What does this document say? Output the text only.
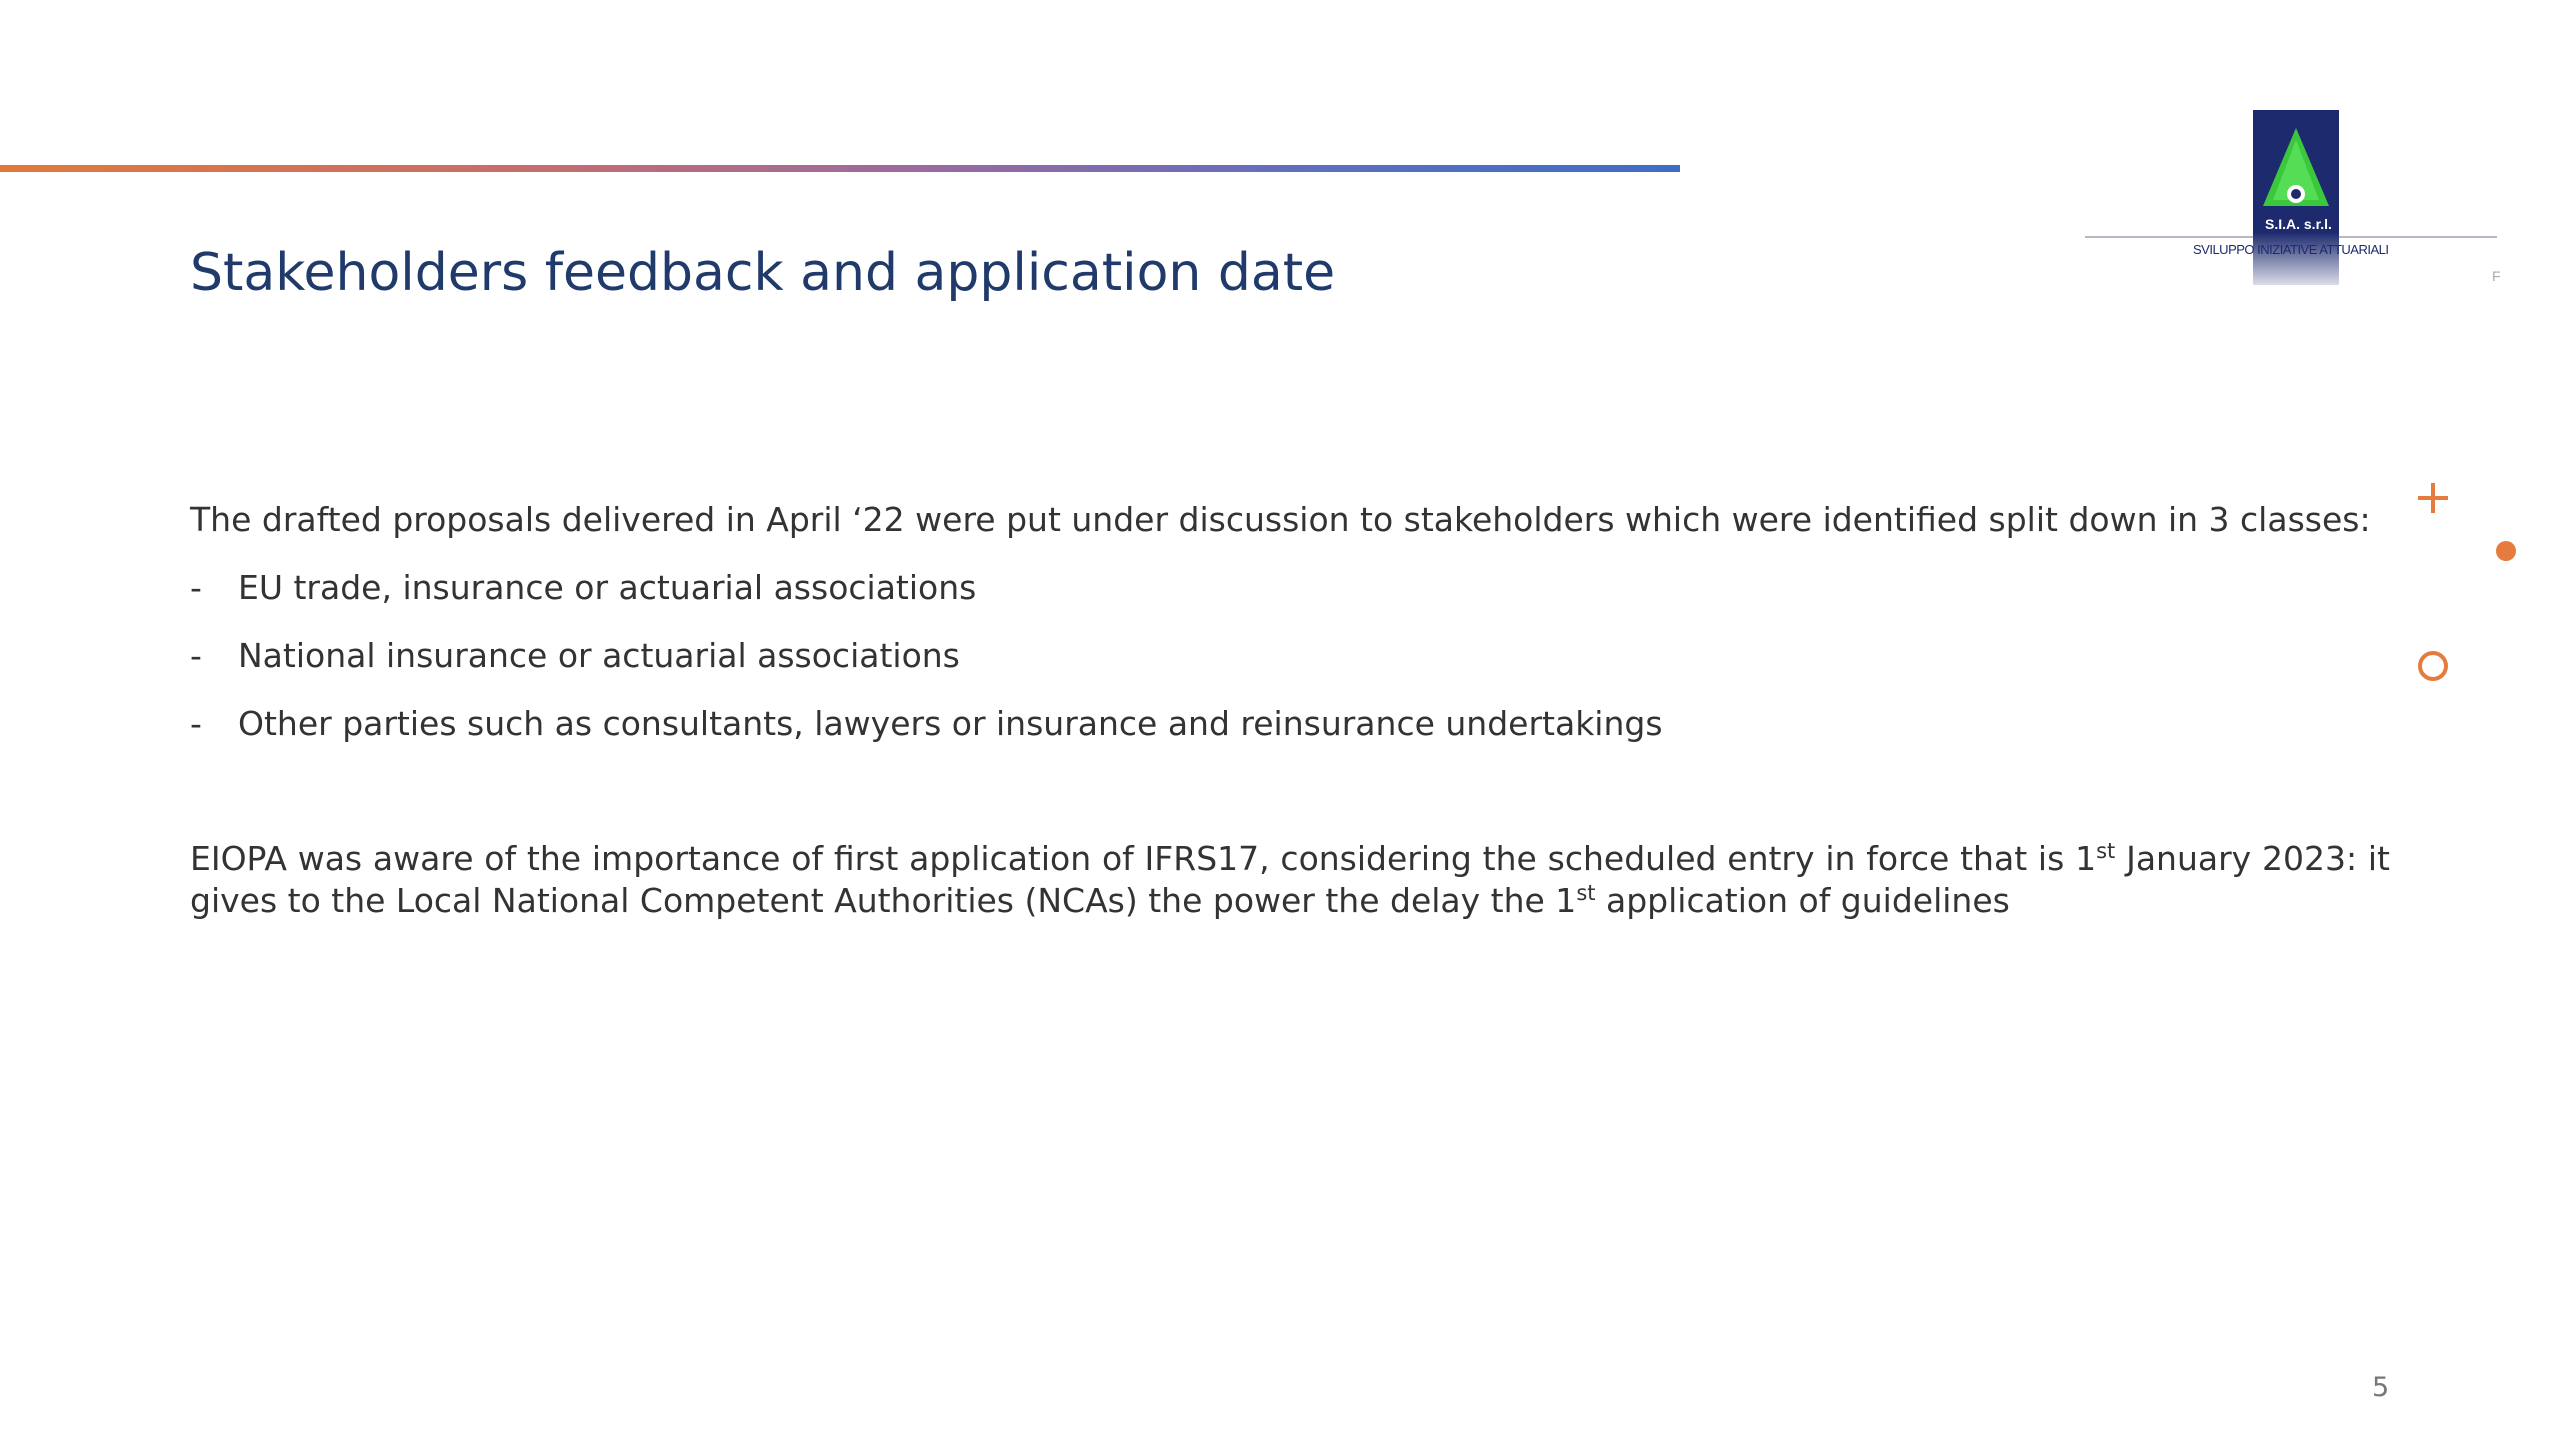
Stakeholders feedback and application date
S.I.A. s.r.l.
SVILUPPO INIZIATIVE ATTUARIALI
F
The drafted proposals delivered in April ‘22 were put under discussion to stakeholders which were identified split down in 3 classes:
- EU trade, insurance or actuarial associations
- National insurance or actuarial associations
- Other parties such as consultants, lawyers or insurance and reinsurance undertakings
EIOPA was aware of the importance of first application of IFRS17, considering the scheduled entry in force that is 1st January 2023: it gives to the Local National Competent Authorities (NCAs) the power the delay the 1st application of guidelines
5
